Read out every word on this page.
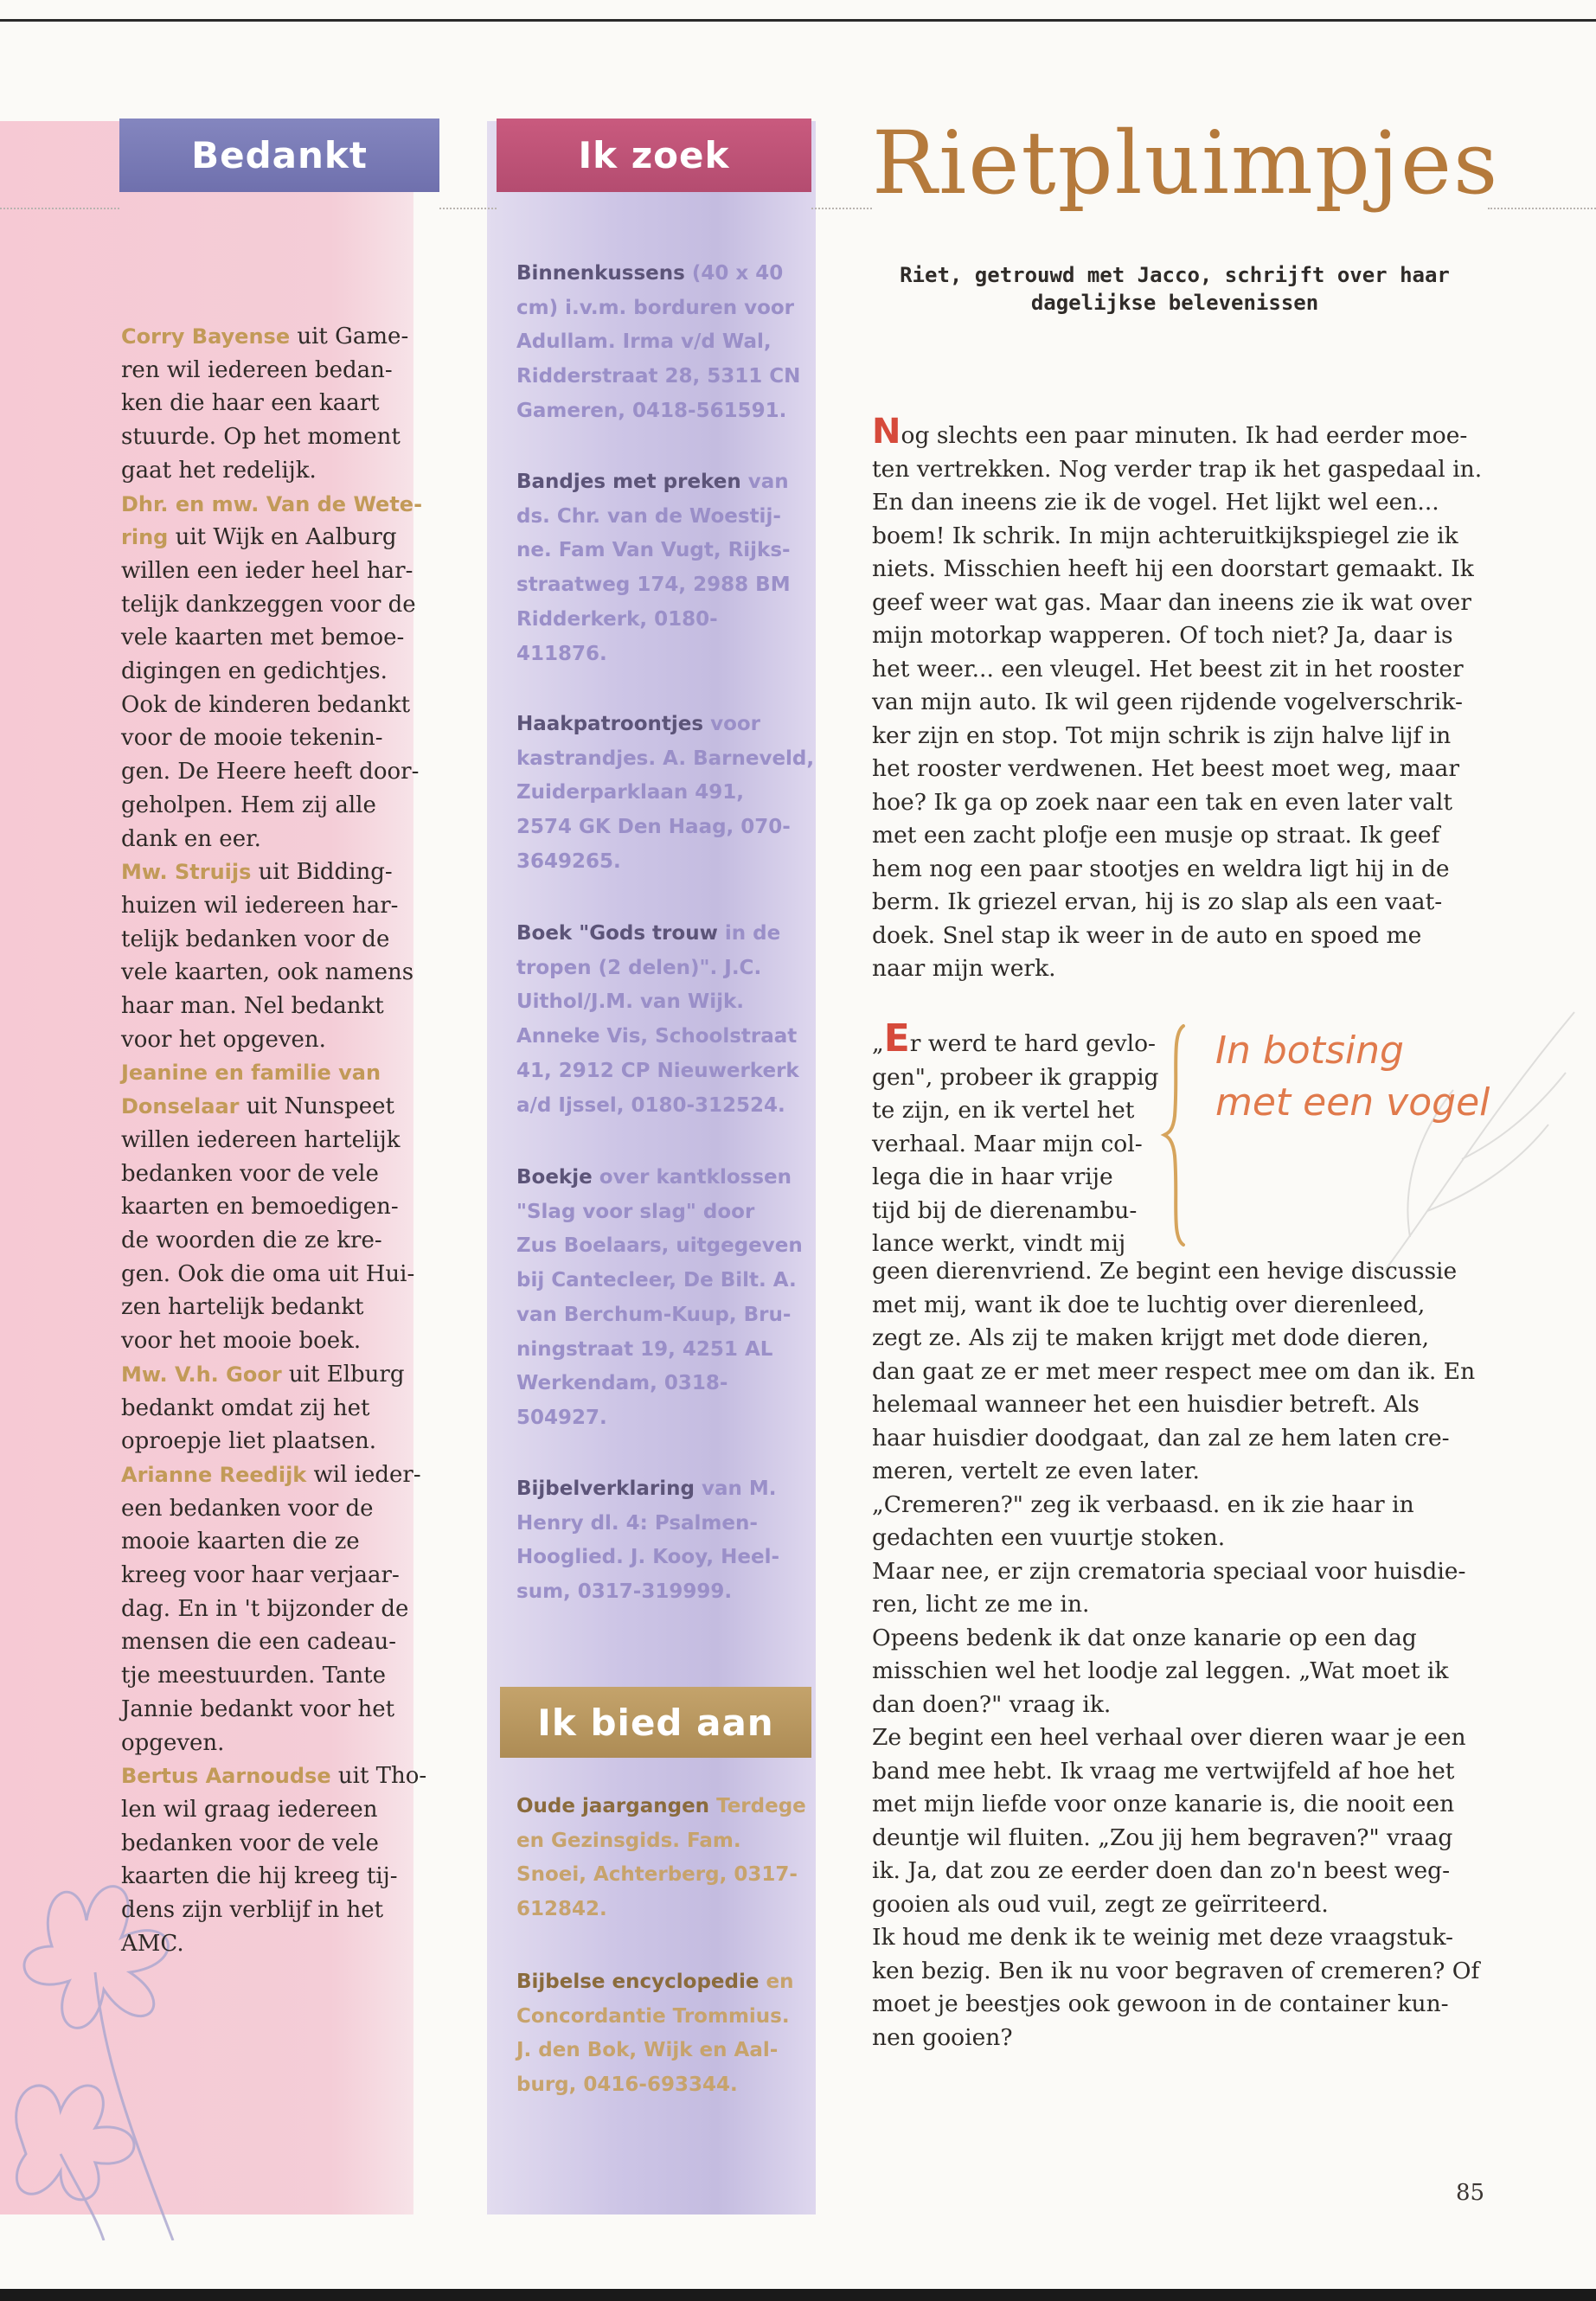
Bedankt	Ik zoek
Ik bied aan
Rietpluimpjes
Riet, getrouwd met Jacco, schrijft over haar
dagelijkse belevenissen
Corry Bayense uit Game-
ren wil iedereen bedan-
ken die haar een kaart
stuurde. Op het moment
gaat het redelijk.
Dhr. en mw. Van de Wete-
ring uit Wijk en Aalburg
willen een ieder heel har-
telijk dankzeggen voor de
vele kaarten met bemoe-
digingen en gedichtjes.
Ook de kinderen bedankt
voor de mooie tekenin-
gen. De Heere heeft door-
geholpen. Hem zij alle
dank en eer.
Mw. Struijs uit Bidding-
huizen wil iedereen har-
telijk bedanken voor de
vele kaarten, ook namens
haar man. Nel bedankt
voor het opgeven.
Jeanine en familie van
Donselaar uit Nunspeet
willen iedereen hartelijk
bedanken voor de vele
kaarten en bemoedigen-
de woorden die ze kre-
gen. Ook die oma uit Hui-
zen hartelijk bedankt
voor het mooie boek.
Mw. V.h. Goor uit Elburg
bedankt omdat zij het
oproepje liet plaatsen.
Arianne Reedijk wil ieder-
een bedanken voor de
mooie kaarten die ze
kreeg voor haar verjaar-
dag. En in 't bijzonder de
mensen die een cadeau-
tje meestuurden. Tante
Jannie bedankt voor het
opgeven.
Bertus Aarnoudse uit Tho-
len wil graag iedereen
bedanken voor de vele
kaarten die hij kreeg tij-
dens zijn verblijf in het
AMC.
Binnenkussens (40 x 40
cm) i.v.m. borduren voor
Adullam. Irma v/d Wal,
Ridderstraat 28, 5311 CN
Gameren, 0418-561591.
Bandjes met preken van
ds. Chr. van de Woestij-
ne. Fam Van Vugt, Rijks-
straatweg 174, 2988 BM
Ridderkerk, 0180-
411876.
Haakpatroontjes voor
kastrandjes. A. Barneveld,
Zuiderparklaan 491,
2574 GK Den Haag, 070-
3649265.
Boek "Gods trouw in de
tropen (2 delen)". J.C.
Uithol/J.M. van Wijk.
Anneke Vis, Schoolstraat
41, 2912 CP Nieuwerkerk
a/d Ijssel, 0180-312524.
Boekje over kantklossen
"Slag voor slag" door
Zus Boelaars, uitgegeven
bij Cantecleer, De Bilt. A.
van Berchum-Kuup, Bru-
ningstraat 19, 4251 AL
Werkendam, 0318-
504927.
Bijbelverklaring van M.
Henry dl. 4: Psalmen-
Hooglied. J. Kooy, Heel-
sum, 0317-319999.
Oude jaargangen Terdege
en Gezinsgids. Fam.
Snoei, Achterberg, 0317-
612842.
Bijbelse encyclopedie en
Concordantie Trommius.
J. den Bok, Wijk en Aal-
burg, 0416-693344.
Nog slechts een paar minuten. Ik had eerder moe-
ten vertrekken. Nog verder trap ik het gaspedaal in.
En dan ineens zie ik de vogel. Het lijkt wel een...
boem! Ik schrik. In mijn achteruitkijkspiegel zie ik
niets. Misschien heeft hij een doorstart gemaakt. Ik
geef weer wat gas. Maar dan ineens zie ik wat over
mijn motorkap wapperen. Of toch niet? Ja, daar is
het weer... een vleugel. Het beest zit in het rooster
van mijn auto. Ik wil geen rijdende vogelverschrik-
ker zijn en stop. Tot mijn schrik is zijn halve lijf in
het rooster verdwenen. Het beest moet weg, maar
hoe? Ik ga op zoek naar een tak en even later valt
met een zacht plofje een musje op straat. Ik geef
hem nog een paar stootjes en weldra ligt hij in de
berm. Ik griezel ervan, hij is zo slap als een vaat-
doek. Snel stap ik weer in de auto en spoed me
naar mijn werk.
„Er werd te hard gevlo-
gen", probeer ik grappig
te zijn, en ik vertel het
verhaal. Maar mijn col-
lega die in haar vrije
tijd bij de dierenambu-
lance werkt, vindt mij
In botsing
met een vogel
geen dierenvriend. Ze begint een hevige discussie
met mij, want ik doe te luchtig over dierenleed,
zegt ze. Als zij te maken krijgt met dode dieren,
dan gaat ze er met meer respect mee om dan ik. En
helemaal wanneer het een huisdier betreft. Als
haar huisdier doodgaat, dan zal ze hem laten cre-
meren, vertelt ze even later.
„Cremeren?" zeg ik verbaasd. en ik zie haar in
gedachten een vuurtje stoken.
Maar nee, er zijn crematoria speciaal voor huisdie-
ren, licht ze me in.
Opeens bedenk ik dat onze kanarie op een dag
misschien wel het loodje zal leggen. „Wat moet ik
dan doen?" vraag ik.
Ze begint een heel verhaal over dieren waar je een
band mee hebt. Ik vraag me vertwijfeld af hoe het
met mijn liefde voor onze kanarie is, die nooit een
deuntje wil fluiten. „Zou jij hem begraven?" vraag
ik. Ja, dat zou ze eerder doen dan zo'n beest weg-
gooien als oud vuil, zegt ze geïrriteerd.
Ik houd me denk ik te weinig met deze vraagstuk-
ken bezig. Ben ik nu voor begraven of cremeren? Of
moet je beestjes ook gewoon in de container kun-
nen gooien?
85
